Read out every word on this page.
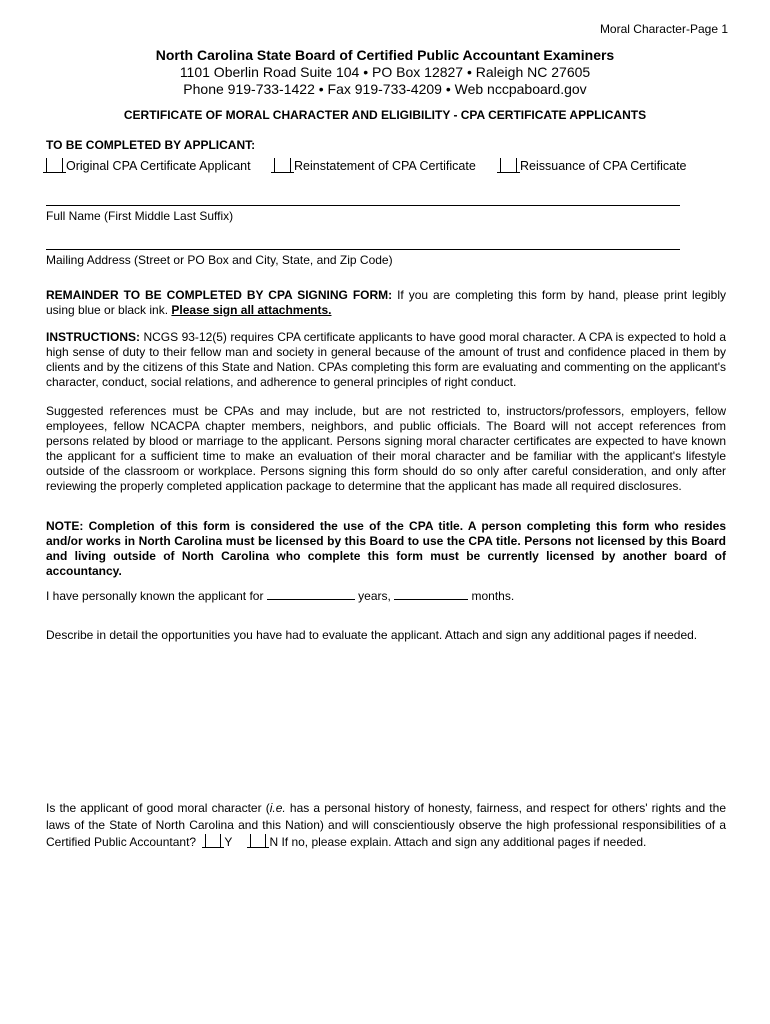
Moral Character-Page 1
North Carolina State Board of Certified Public Accountant Examiners
1101 Oberlin Road Suite 104 • PO Box 12827 • Raleigh NC 27605
Phone 919-733-1422 • Fax 919-733-4209 • Web nccpaboard.gov
CERTIFICATE OF MORAL CHARACTER AND ELIGIBILITY - CPA CERTIFICATE APPLICANTS
TO BE COMPLETED BY APPLICANT:
Original CPA Certificate Applicant	Reinstatement of CPA Certificate	Reissuance of CPA Certificate
Full Name (First Middle Last Suffix)
Mailing Address (Street or PO Box and City, State, and Zip Code)

REMAINDER TO BE COMPLETED BY CPA SIGNING FORM: If you are completing this form by hand, please print legibly using blue or black ink. Please sign all attachments.

INSTRUCTIONS: NCGS 93-12(5) requires CPA certificate applicants to have good moral character. A CPA is expected to hold a high sense of duty to their fellow man and society in general because of the amount of trust and confidence placed in them by clients and by the citizens of this State and Nation. CPAs completing this form are evaluating and commenting on the applicant's character, conduct, social relations, and adherence to general principles of right conduct.

Suggested references must be CPAs and may include, but are not restricted to, instructors/professors, employers, fellow employees, fellow NCACPA chapter members, neighbors, and public officials. The Board will not accept references from persons related by blood or marriage to the applicant. Persons signing moral character certificates are expected to have known the applicant for a sufficient time to make an evaluation of their moral character and be familiar with the applicant's lifestyle outside of the classroom or workplace. Persons signing this form should do so only after careful consideration, and only after reviewing the properly completed application package to determine that the applicant has made all required disclosures.

NOTE: Completion of this form is considered the use of the CPA title. A person completing this form who resides and/or works in North Carolina must be licensed by this Board to use the CPA title. Persons not licensed by this Board and living outside of North Carolina who complete this form must be currently licensed by another board of accountancy.

I have personally known the applicant for	years,	months.

Describe in detail the opportunities you have had to evaluate the applicant. Attach and sign any additional pages if needed.

Is the applicant of good moral character (i.e. has a personal history of honesty, fairness, and respect for others' rights and the laws of the State of North Carolina and this Nation) and will conscientiously observe the high professional responsibilities of a Certified Public Accountant? Y	N If no, please explain. Attach and sign any additional pages if needed.
